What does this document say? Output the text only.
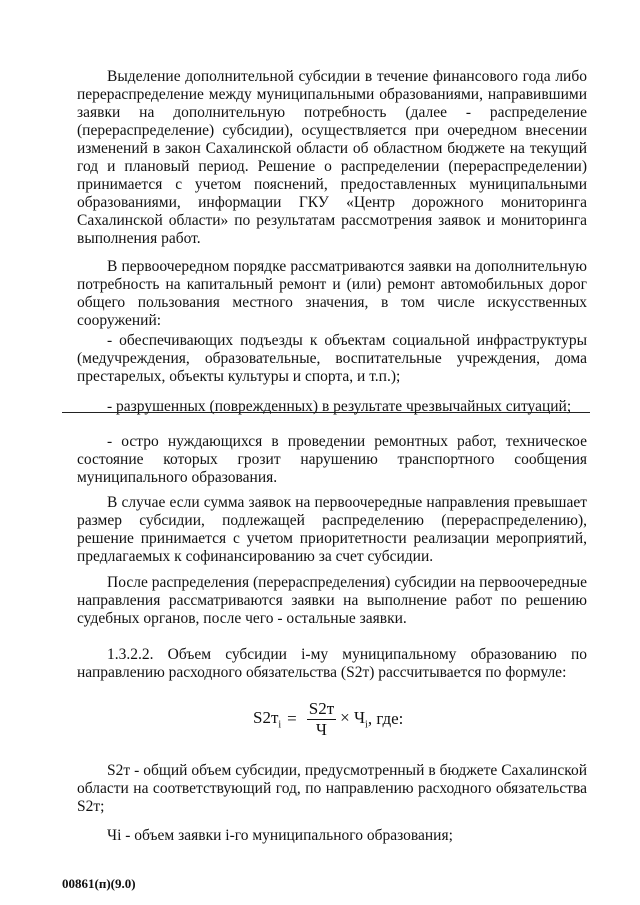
Выделение дополнительной субсидии в течение финансового года либо перераспределение между муниципальными образованиями, направившими заявки на дополнительную потребность (далее - распределение (перераспределение) субсидии), осуществляется при очередном внесении изменений в закон Сахалинской области об областном бюджете на текущий год и плановый период. Решение о распределении (перераспределении) принимается с учетом пояснений, предоставленных муниципальными образованиями, информации ГКУ «Центр дорожного мониторинга Сахалинской области» по результатам рассмотрения заявок и мониторинга выполнения работ.

В первоочередном порядке рассматриваются заявки на дополнительную потребность на капитальный ремонт и (или) ремонт автомобильных дорог общего пользования местного значения, в том числе искусственных сооружений:

- обеспечивающих подъезды к объектам социальной инфраструктуры (медучреждения, образовательные, воспитательные учреждения, дома престарелых, объекты культуры и спорта, и т.п.);

- разрушенных (поврежденных) в результате чрезвычайных ситуаций;

- остро нуждающихся в проведении ремонтных работ, техническое состояние которых грозит нарушению транспортного сообщения муниципального образования.

В случае если сумма заявок на первоочередные направления превышает размер субсидии, подлежащей распределению (перераспределению), решение принимается с учетом приоритетности реализации мероприятий, предлагаемых к софинансированию за счет субсидии.

После распределения (перераспределения) субсидии на первоочередные направления рассматриваются заявки на выполнение работ по решению судебных органов, после чего - остальные заявки.

1.3.2.2. Объем субсидии i-му муниципальному образованию по направлению расходного обязательства (S2т) рассчитывается по формуле:

$S2т_i = \frac{S2т}{Ч} \times Ч_i$ , где:

S2т - общий объем субсидии, предусмотренный в бюджете Сахалинской области на соответствующий год, по направлению расходного обязательства S2т;

Чi - объем заявки i-го муниципального образования;

00861(п)(9.0)
